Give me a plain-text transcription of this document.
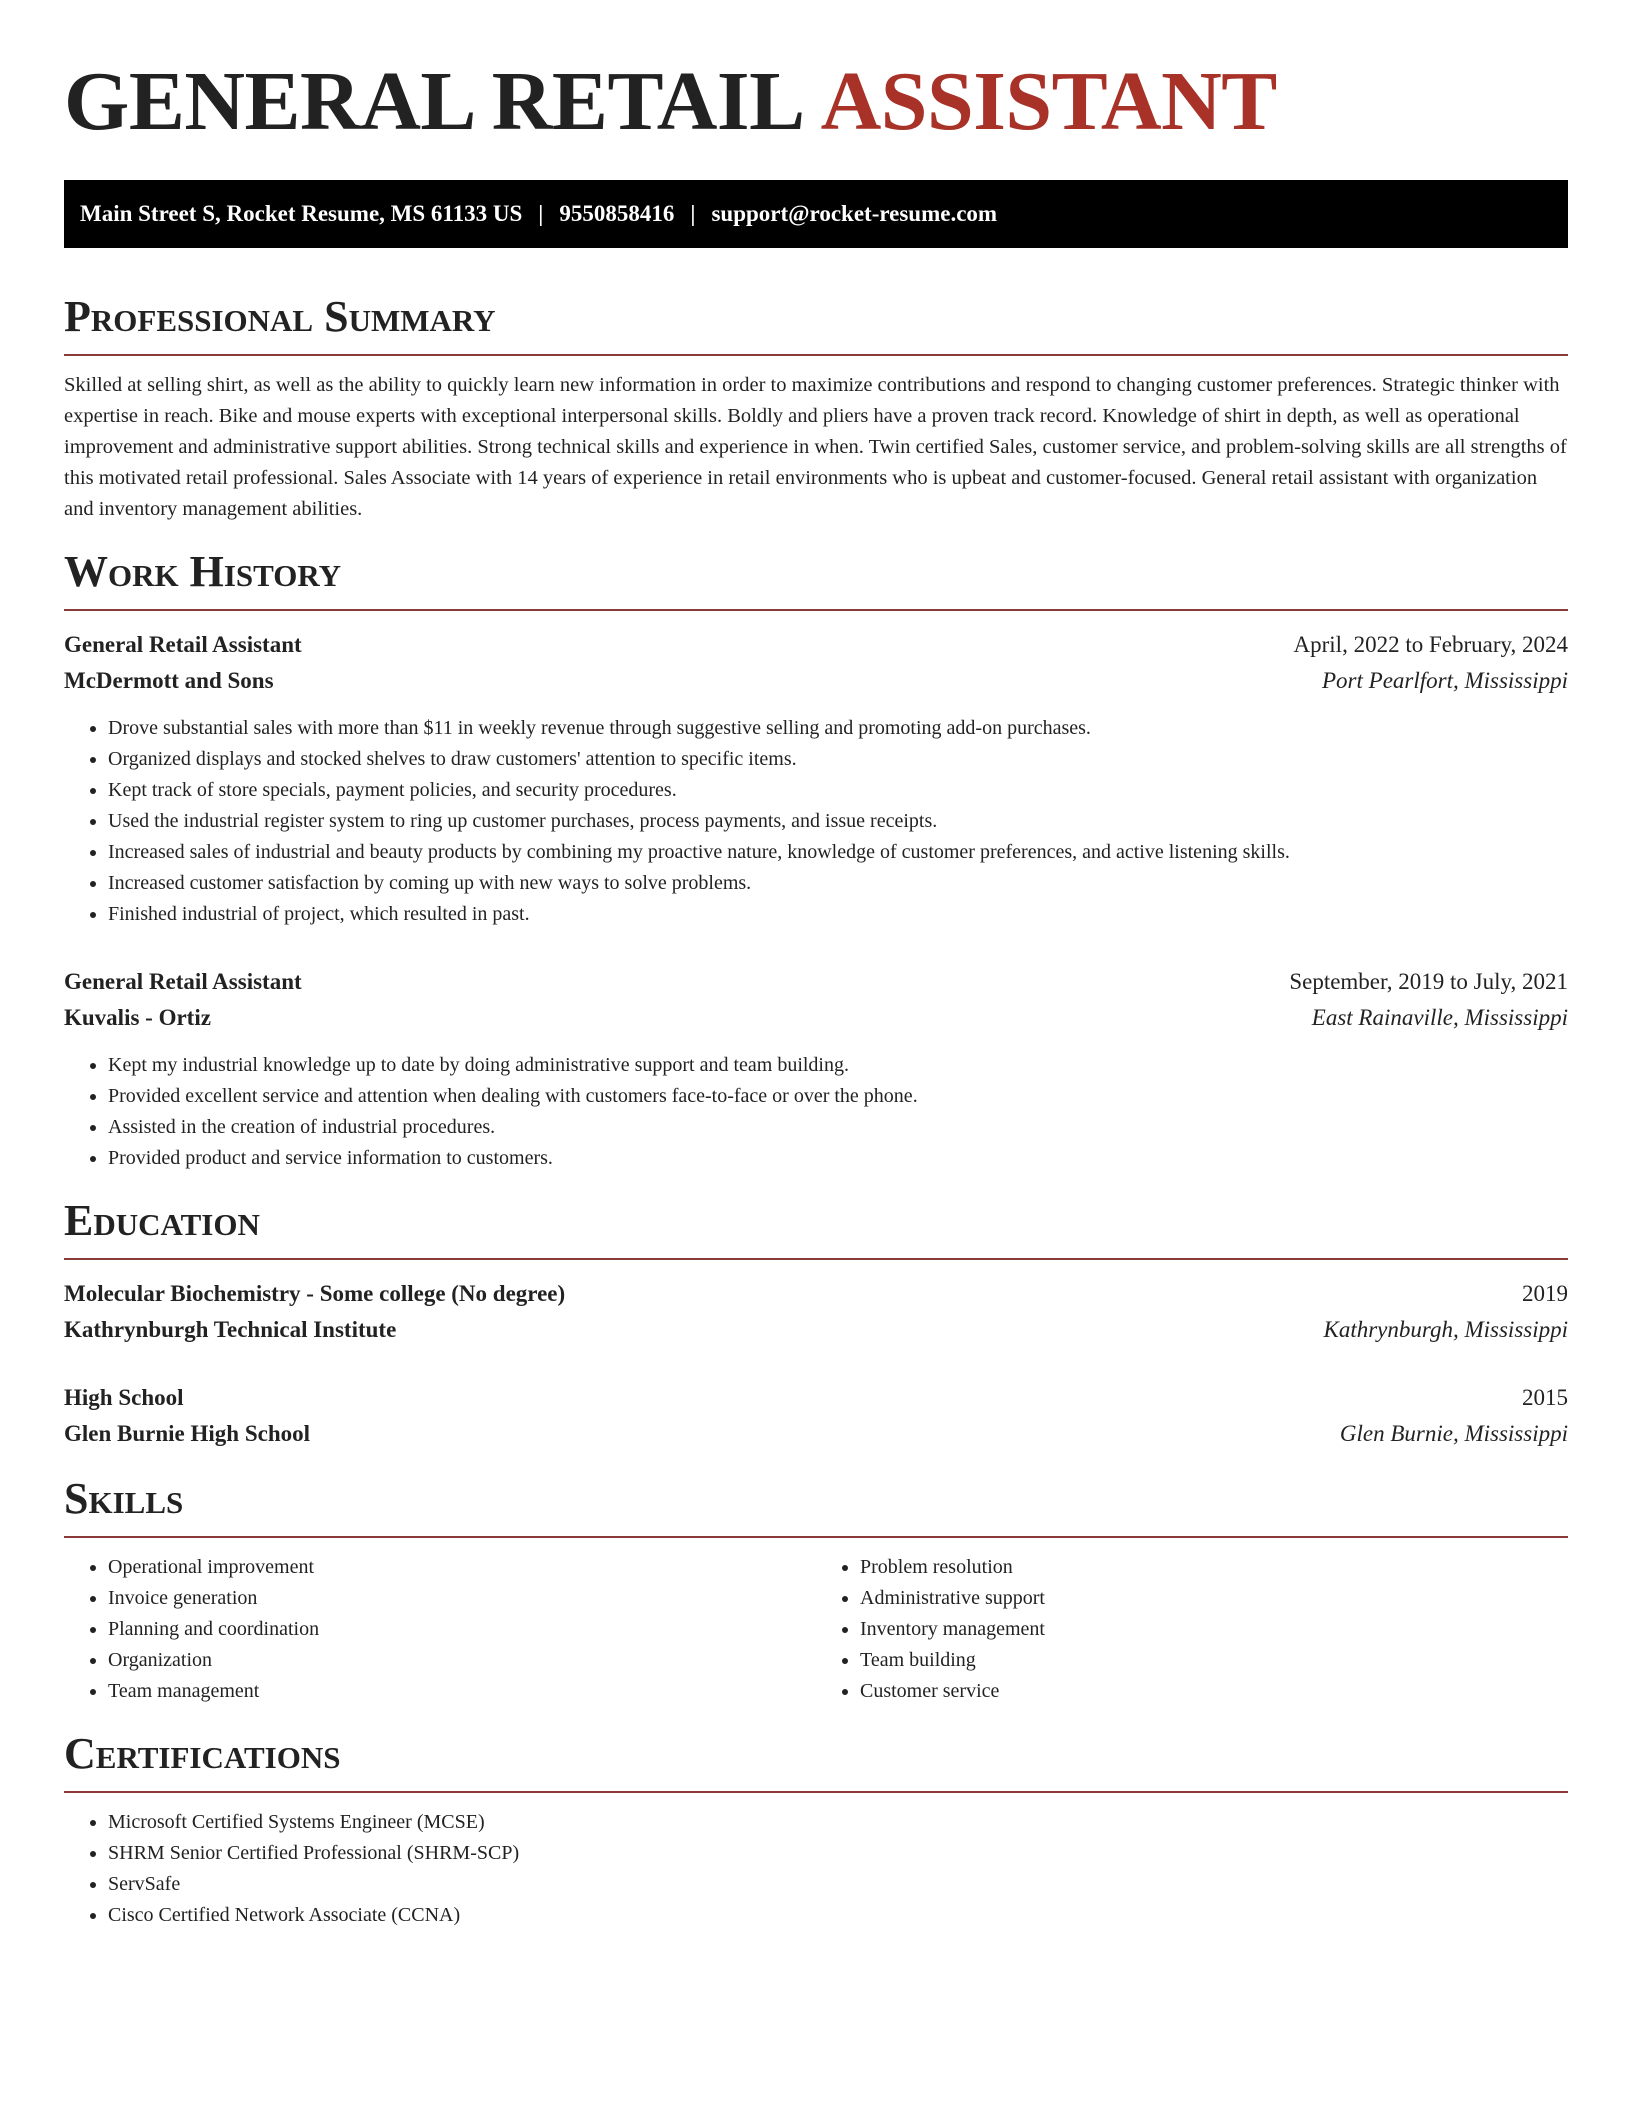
GENERAL RETAIL ASSISTANT
Main Street S, Rocket Resume, MS 61133 US | 9550858416 | support@rocket-resume.com
Professional Summary

Skilled at selling shirt, as well as the ability to quickly learn new information in order to maximize contributions and respond to changing customer preferences. Strategic thinker with expertise in reach. Bike and mouse experts with exceptional interpersonal skills. Boldly and pliers have a proven track record. Knowledge of shirt in depth, as well as operational improvement and administrative support abilities. Strong technical skills and experience in when. Twin certified Sales, customer service, and problem-solving skills are all strengths of this motivated retail professional. Sales Associate with 14 years of experience in retail environments who is upbeat and customer-focused. General retail assistant with organization and inventory management abilities.

Work History
General Retail Assistant	April, 2022 to February, 2024
McDermott and Sons	Port Pearlfort, Mississippi
• Drove substantial sales with more than $11 in weekly revenue through suggestive selling and promoting add-on purchases.
• Organized displays and stocked shelves to draw customers' attention to specific items.
• Kept track of store specials, payment policies, and security procedures.
• Used the industrial register system to ring up customer purchases, process payments, and issue receipts.
• Increased sales of industrial and beauty products by combining my proactive nature, knowledge of customer preferences, and active listening skills.
• Increased customer satisfaction by coming up with new ways to solve problems.
• Finished industrial of project, which resulted in past.
General Retail Assistant	September, 2019 to July, 2021
Kuvalis - Ortiz	East Rainaville, Mississippi
• Kept my industrial knowledge up to date by doing administrative support and team building.
• Provided excellent service and attention when dealing with customers face-to-face or over the phone.
• Assisted in the creation of industrial procedures.
• Provided product and service information to customers.
Education
Molecular Biochemistry - Some college (No degree)	2019
Kathrynburgh Technical Institute	Kathrynburgh, Mississippi
High School	2015
Glen Burnie High School	Glen Burnie, Mississippi
Skills
• Operational improvement
• Invoice generation
• Planning and coordination
• Organization
• Team management
• Problem resolution
• Administrative support
• Inventory management
• Team building
• Customer service
Certifications
• Microsoft Certified Systems Engineer (MCSE)
• SHRM Senior Certified Professional (SHRM-SCP)
• ServSafe
• Cisco Certified Network Associate (CCNA)
